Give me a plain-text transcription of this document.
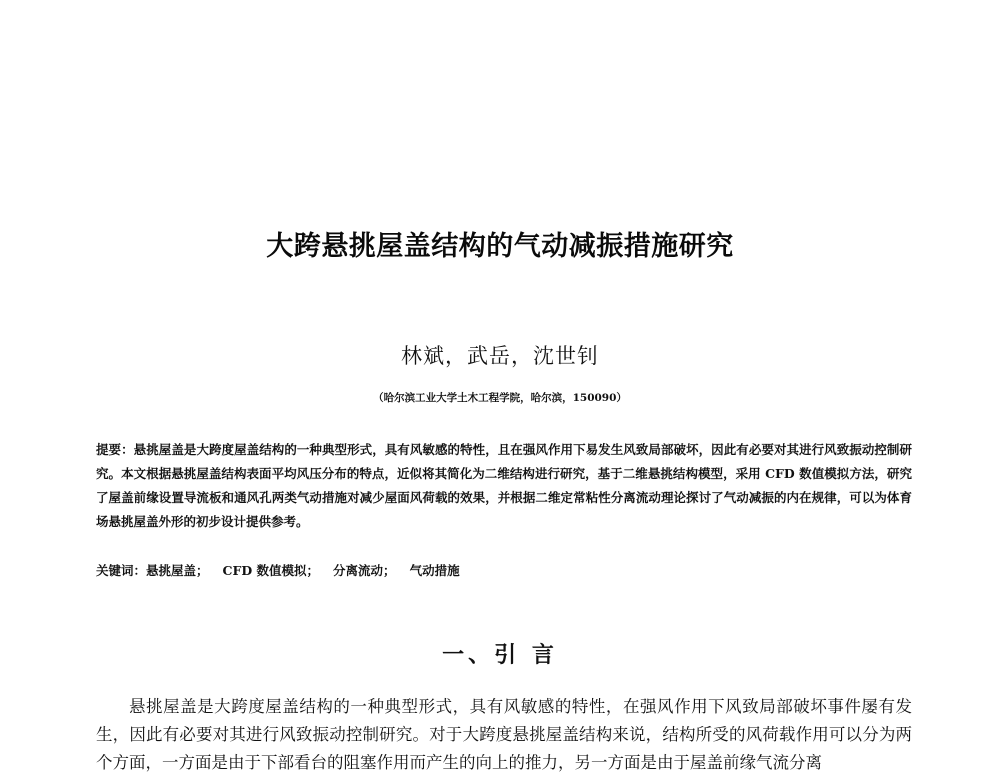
大跨悬挑屋盖结构的气动减振措施研究
林斌，武岳，沈世钊
（哈尔滨工业大学土木工程学院，哈尔滨，150090）
提要：悬挑屋盖是大跨度屋盖结构的一种典型形式，具有风敏感的特性，且在强风作用下易发生风致局部破坏，因此有必要对其进行风致振动控制研究。本文根据悬挑屋盖结构表面平均风压分布的特点，近似将其简化为二维结构进行研究，基于二维悬挑结构模型，采用 CFD 数值模拟方法，研究了屋盖前缘设置导流板和通风孔两类气动措施对减少屋面风荷载的效果，并根据二维定常粘性分离流动理论探讨了气动减振的内在规律，可以为体育场悬挑屋盖外形的初步设计提供参考。
关键词：悬挑屋盖； CFD 数值模拟； 分离流动； 气动措施
一、引 言
悬挑屋盖是大跨度屋盖结构的一种典型形式，具有风敏感的特性，在强风作用下风致局部破坏事件屡有发生，因此有必要对其进行风致振动控制研究。对于大跨度悬挑屋盖结构来说，结构所受的风荷载作用可以分为两个方面，一方面是由于下部看台的阻塞作用而产生的向上的推力，另一方面是由于屋盖前缘气流分离
